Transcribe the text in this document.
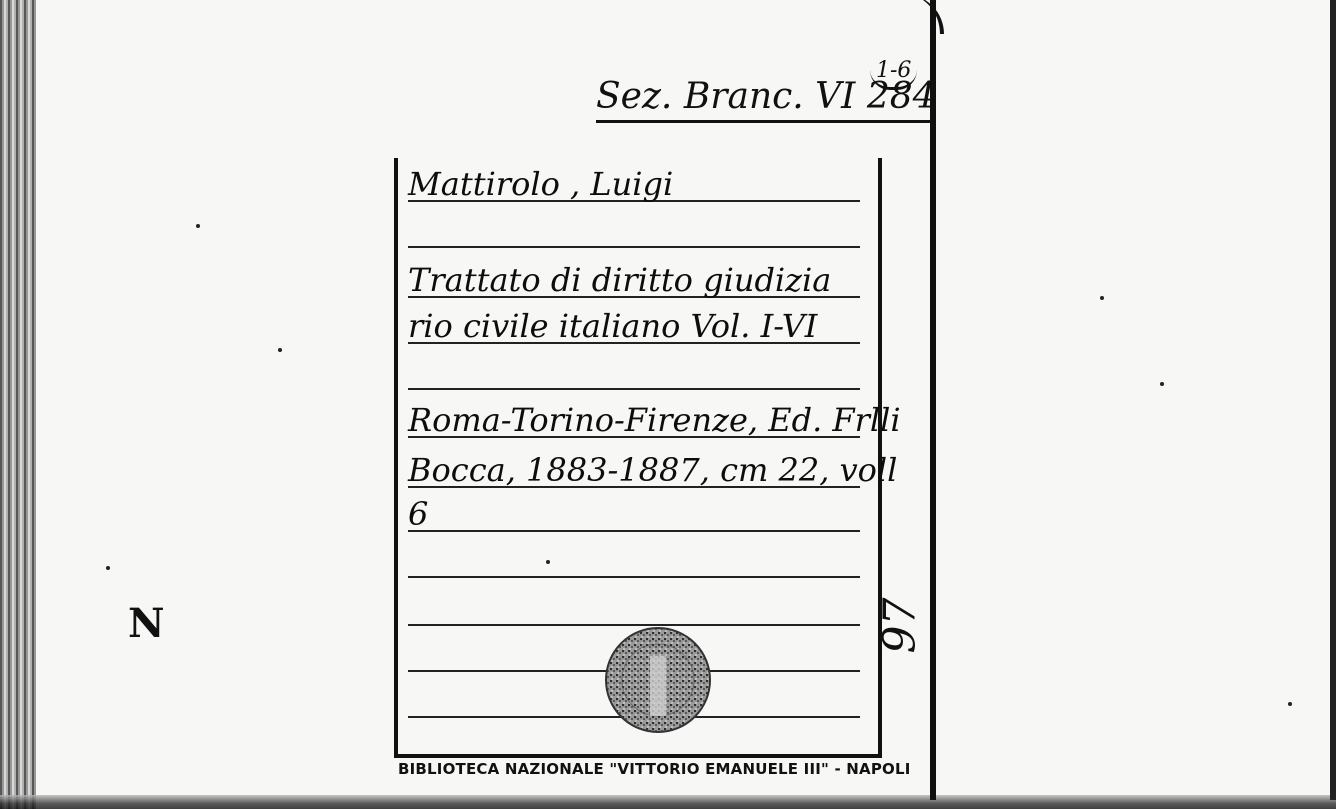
Sez. Branc. VI 284
1-6
Mattirolo , Luigi
Trattato di diritto giudizia
rio civile italiano Vol. I-VI
Roma-Torino-Firenze, Ed. Frlli
Bocca, 1883-1887, cm 22, voll
6
97
N
BIBLIOTECA NAZIONALE "VITTORIO EMANUELE III" - NAPOLI
